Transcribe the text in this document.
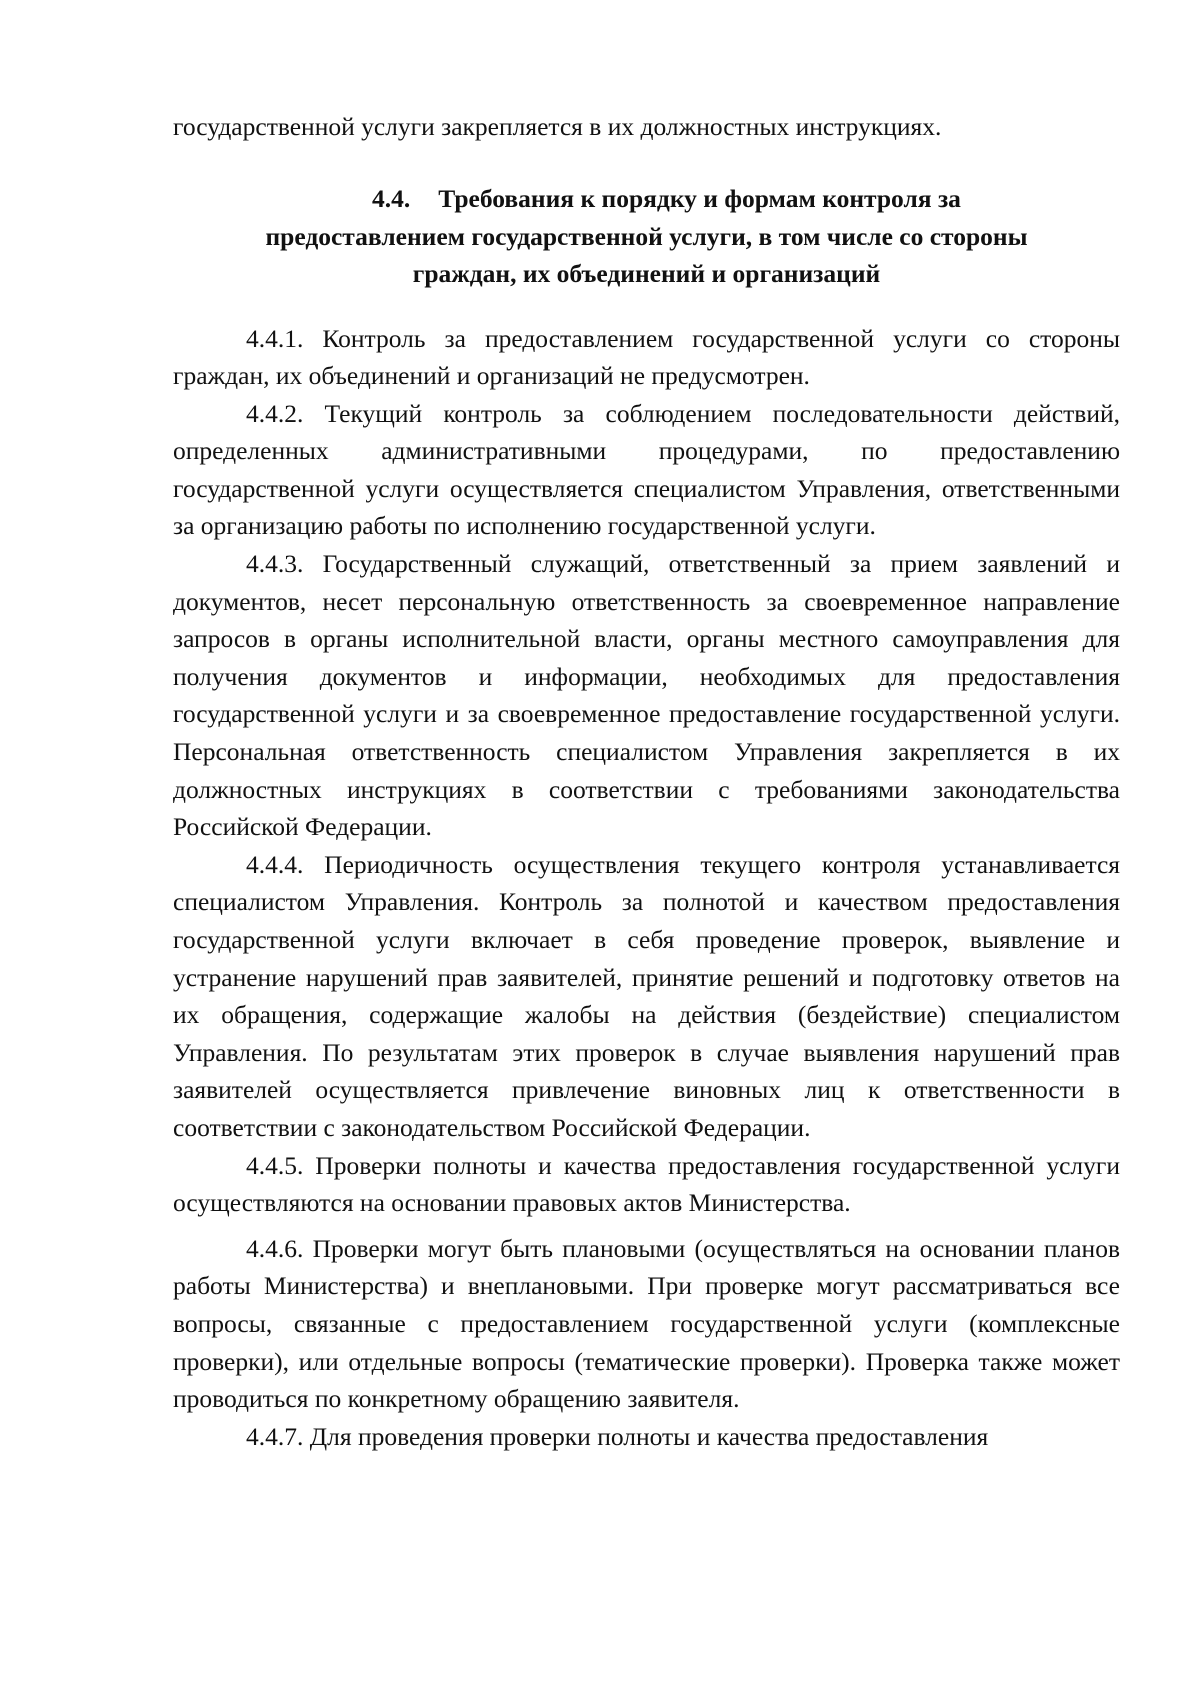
государственной услуги закрепляется в их должностных инструкциях.

4.4. Требования к порядку и формам контроля за
предоставлением государственной услуги, в том числе со стороны
граждан, их объединений и организаций

4.4.1. Контроль за предоставлением государственной услуги со стороны граждан, их объединений и организаций не предусмотрен.

4.4.2. Текущий контроль за соблюдением последовательности действий, определенных административными процедурами, по предоставлению государственной услуги осуществляется специалистом Управления, ответственными за организацию работы по исполнению государственной услуги.

4.4.3. Государственный служащий, ответственный за прием заявлений и документов, несет персональную ответственность за своевременное направление запросов в органы исполнительной власти, органы местного самоуправления для получения документов и информации, необходимых для предоставления государственной услуги и за своевременное предоставление государственной услуги. Персональная ответственность специалистом Управления закрепляется в их должностных инструкциях в соответствии с требованиями законодательства Российской Федерации.

4.4.4. Периодичность осуществления текущего контроля устанавливается специалистом Управления. Контроль за полнотой и качеством предоставления государственной услуги включает в себя проведение проверок, выявление и устранение нарушений прав заявителей, принятие решений и подготовку ответов на их обращения, содержащие жалобы на действия (бездействие) специалистом Управления. По результатам этих проверок в случае выявления нарушений прав заявителей осуществляется привлечение виновных лиц к ответственности в соответствии с законодательством Российской Федерации.

4.4.5. Проверки полноты и качества предоставления государственной услуги осуществляются на основании правовых актов Министерства.

4.4.6. Проверки могут быть плановыми (осуществляться на основании планов работы Министерства) и внеплановыми. При проверке могут рассматриваться все вопросы, связанные с предоставлением государственной услуги (комплексные проверки), или отдельные вопросы (тематические проверки). Проверка также может проводиться по конкретному обращению заявителя.

4.4.7. Для проведения проверки полноты и качества предоставления
